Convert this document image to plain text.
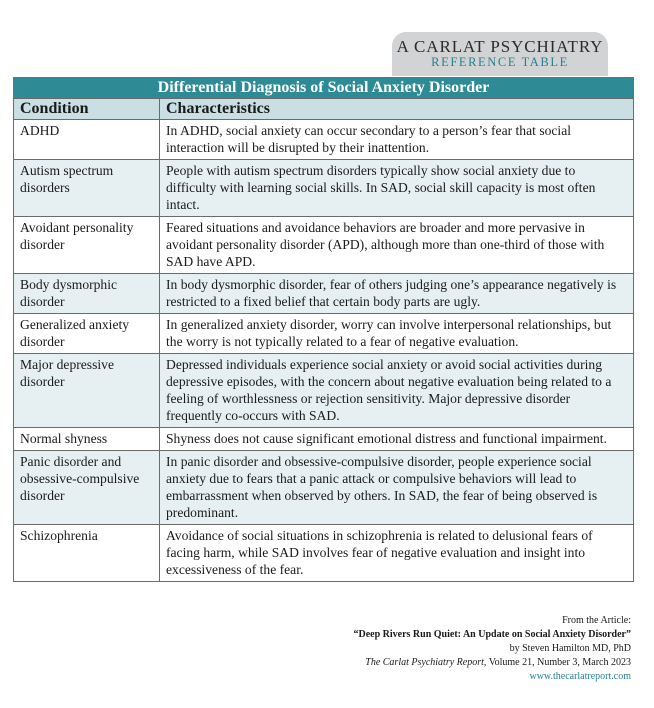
A CARLAT PSYCHIATRY
REFERENCE TABLE
Differential Diagnosis of Social Anxiety Disorder
Condition	Characteristics
ADHD	In ADHD, social anxiety can occur secondary to a person’s fear that social interaction will be disrupted by their inattention.
Autism spectrum disorders	People with autism spectrum disorders typically show social anxiety due to difficulty with learning social skills. In SAD, social skill capacity is most often intact.
Avoidant personality disorder	Feared situations and avoidance behaviors are broader and more pervasive in avoidant personality disorder (APD), although more than one-third of those with SAD have APD.
Body dysmorphic disorder	In body dysmorphic disorder, fear of others judging one’s appearance negatively is restricted to a fixed belief that certain body parts are ugly.
Generalized anxiety disorder	In generalized anxiety disorder, worry can involve interpersonal relationships, but the worry is not typically related to a fear of negative evaluation.
Major depressive disorder	Depressed individuals experience social anxiety or avoid social activities during depressive episodes, with the concern about negative evaluation being related to a feeling of worthlessness or rejection sensitivity. Major depressive disorder frequently co-occurs with SAD.
Normal shyness	Shyness does not cause significant emotional distress and functional impairment.
Panic disorder and obsessive-compulsive disorder	In panic disorder and obsessive-compulsive disorder, people experience social anxiety due to fears that a panic attack or compulsive behaviors will lead to embarrassment when observed by others. In SAD, the fear of being observed is predominant.
Schizophrenia	Avoidance of social situations in schizophrenia is related to delusional fears of facing harm, while SAD involves fear of negative evaluation and insight into excessiveness of the fear.
From the Article:
“Deep Rivers Run Quiet: An Update on Social Anxiety Disorder”
by Steven Hamilton MD, PhD
The Carlat Psychiatry Report, Volume 21, Number 3, March 2023
www.thecarlatreport.com
